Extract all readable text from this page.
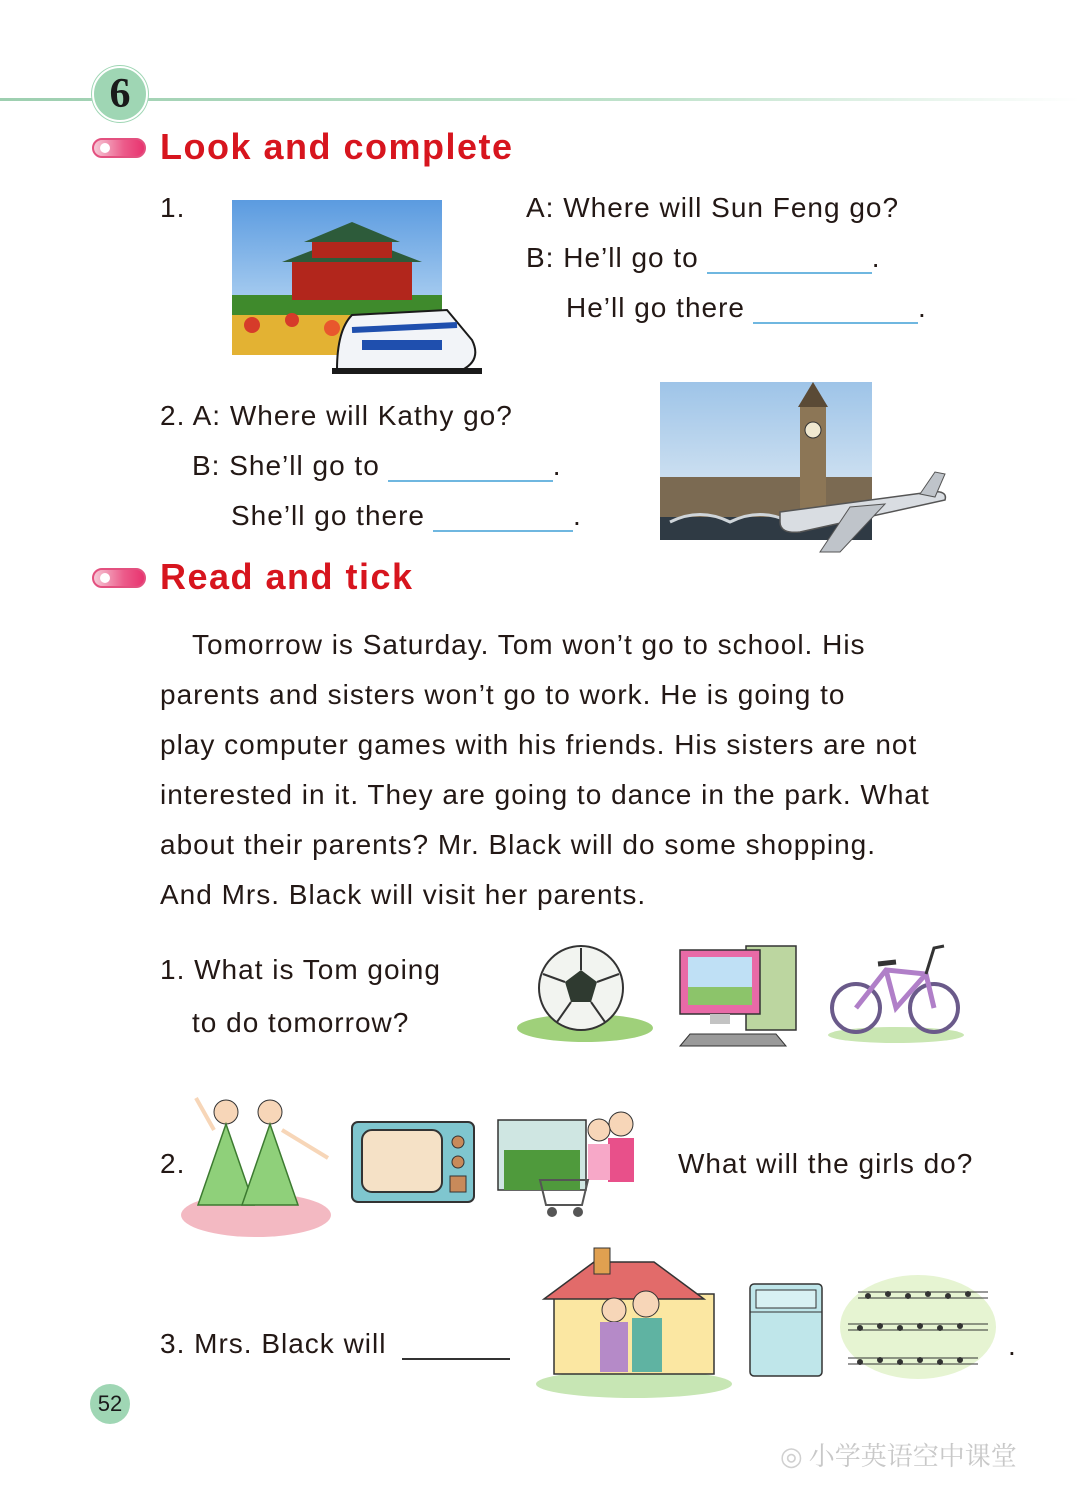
6
Look and complete
1.	A: Where will Sun Feng go?
B: He’ll go to	.
He’ll go there	.
2. A: Where will Kathy go?
B: She’ll go to	.
She’ll go there	.
Read and tick
Tomorrow is Saturday. Tom won’t go to school. His
parents and sisters won’t go to work. He is going to
play computer games with his friends. His sisters are not
interested in it. They are going to dance in the park. What
about their parents? Mr. Black will do some shopping.
And Mrs. Black will visit her parents.
1. What is Tom going
to do tomorrow?
2.	What will the girls do?
3. Mrs. Black will	.
52
◎ 小学英语空中课堂
